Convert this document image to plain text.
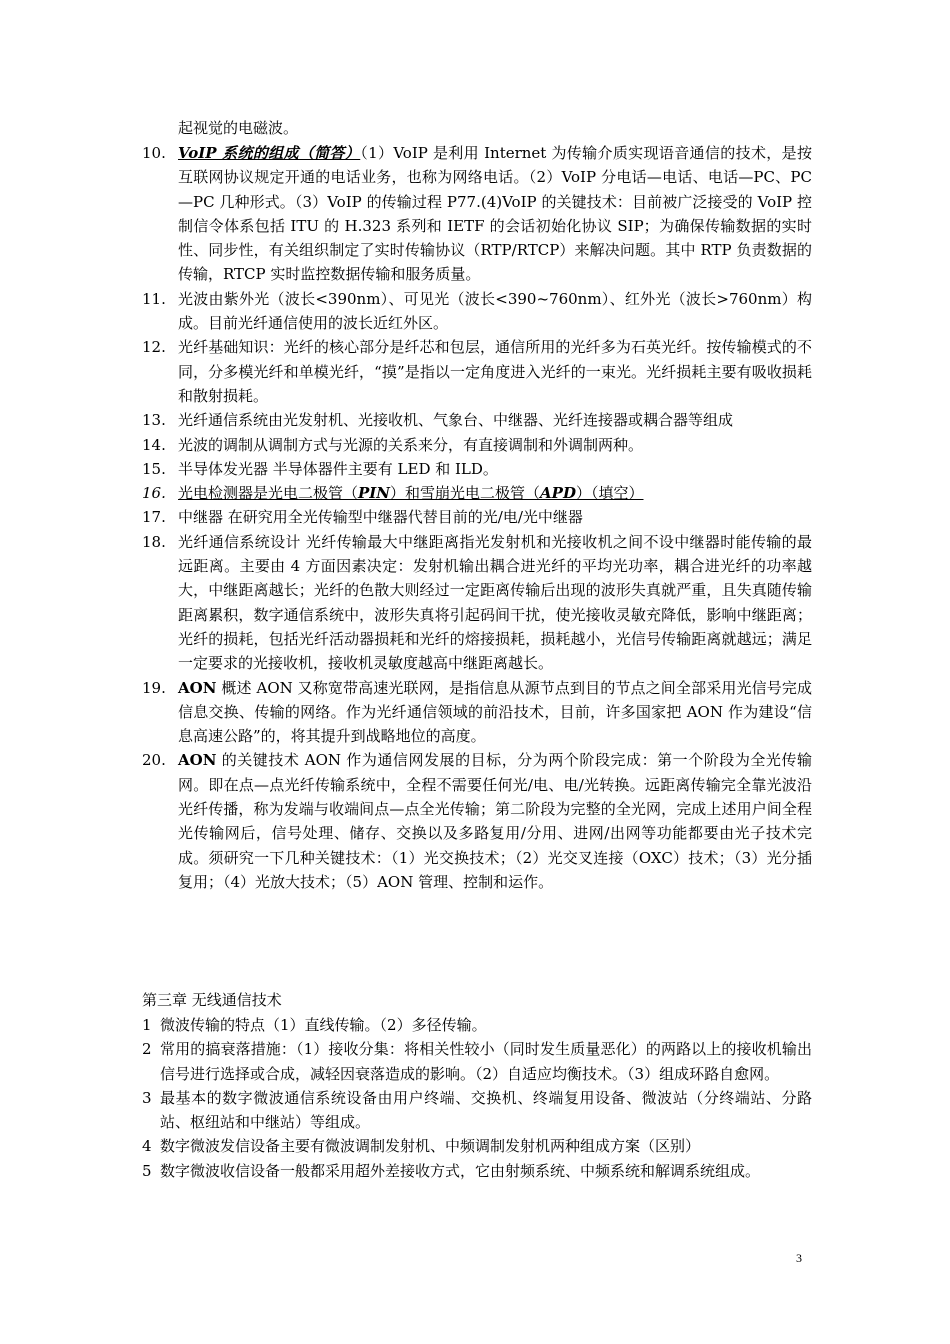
起视觉的电磁波。

10. VoIP 系统的组成（简答）（1）VoIP 是利用 Internet 为传输介质实现语音通信的技术，是按互联网协议规定开通的电话业务，也称为网络电话。（2）VoIP 分电话—电话、电话—PC、PC—PC 几种形式。（3）VoIP 的传输过程 P77.(4)VoIP 的关键技术：目前被广泛接受的 VoIP 控制信令体系包括 ITU 的 H.323 系列和 IETF 的会话初始化协议 SIP；为确保传输数据的实时性、同步性，有关组织制定了实时传输协议（RTP/RTCP）来解决问题。其中 RTP 负责数据的传输，RTCP 实时监控数据传输和服务质量。

11. 光波由紫外光（波长<390nm）、可见光（波长<390~760nm）、红外光（波长>760nm）构成。目前光纤通信使用的波长近红外区。

12. 光纤基础知识：光纤的核心部分是纤芯和包层，通信所用的光纤多为石英光纤。按传输模式的不同，分多模光纤和单模光纤，“摸”是指以一定角度进入光纤的一束光。光纤损耗主要有吸收损耗和散射损耗。

13. 光纤通信系统由光发射机、光接收机、气象台、中继器、光纤连接器或耦合器等组成

14. 光波的调制从调制方式与光源的关系来分，有直接调制和外调制两种。

15. 半导体发光器 半导体器件主要有 LED 和 ILD。

16. 光电检测器是光电二极管（PIN）和雪崩光电二极管（APD）（填空）

17. 中继器 在研究用全光传输型中继器代替目前的光/电/光中继器

18. 光纤通信系统设计 光纤传输最大中继距离指光发射机和光接收机之间不设中继器时能传输的最远距离。主要由 4 方面因素决定：发射机输出耦合进光纤的平均光功率，耦合进光纤的功率越大，中继距离越长；光纤的色散大则经过一定距离传输后出现的波形失真就严重，且失真随传输距离累积，数字通信系统中，波形失真将引起码间干扰，使光接收灵敏充降低，影响中继距离；光纤的损耗，包括光纤活动器损耗和光纤的熔接损耗，损耗越小，光信号传输距离就越远；满足一定要求的光接收机，接收机灵敏度越高中继距离越长。

19. AON 概述 AON 又称宽带高速光联网，是指信息从源节点到目的节点之间全部采用光信号完成信息交换、传输的网络。作为光纤通信领域的前沿技术，目前，许多国家把 AON 作为建设“信息高速公路”的，将其提升到战略地位的高度。

20. AON 的关键技术 AON 作为通信网发展的目标，分为两个阶段完成：第一个阶段为全光传输网。即在点—点光纤传输系统中，全程不需要任何光/电、电/光转换。远距离传输完全靠光波沿光纤传播，称为发端与收端间点—点全光传输；第二阶段为完整的全光网，完成上述用户间全程光传输网后，信号处理、储存、交换以及多路复用/分用、进网/出网等功能都要由光子技术完成。须研究一下几种关键技术：（1）光交换技术；（2）光交叉连接（OXC）技术；（3）光分插复用；（4）光放大技术；（5）AON 管理、控制和运作。

第三章 无线通信技术

1 微波传输的特点（1）直线传输。（2）多径传输。

2 常用的搞衰落措施：（1）接收分集：将相关性较小（同时发生质量恶化）的两路以上的接收机输出信号进行选择或合成，减轻因衰落造成的影响。（2）自适应均衡技术。（3）组成环路自愈网。

3 最基本的数字微波通信系统设备由用户终端、交换机、终端复用设备、微波站（分终端站、分路站、枢纽站和中继站）等组成。

4 数字微波发信设备主要有微波调制发射机、中频调制发射机两种组成方案（区别）

5 数字微波收信设备一般都采用超外差接收方式，它由射频系统、中频系统和解调系统组成。

3
